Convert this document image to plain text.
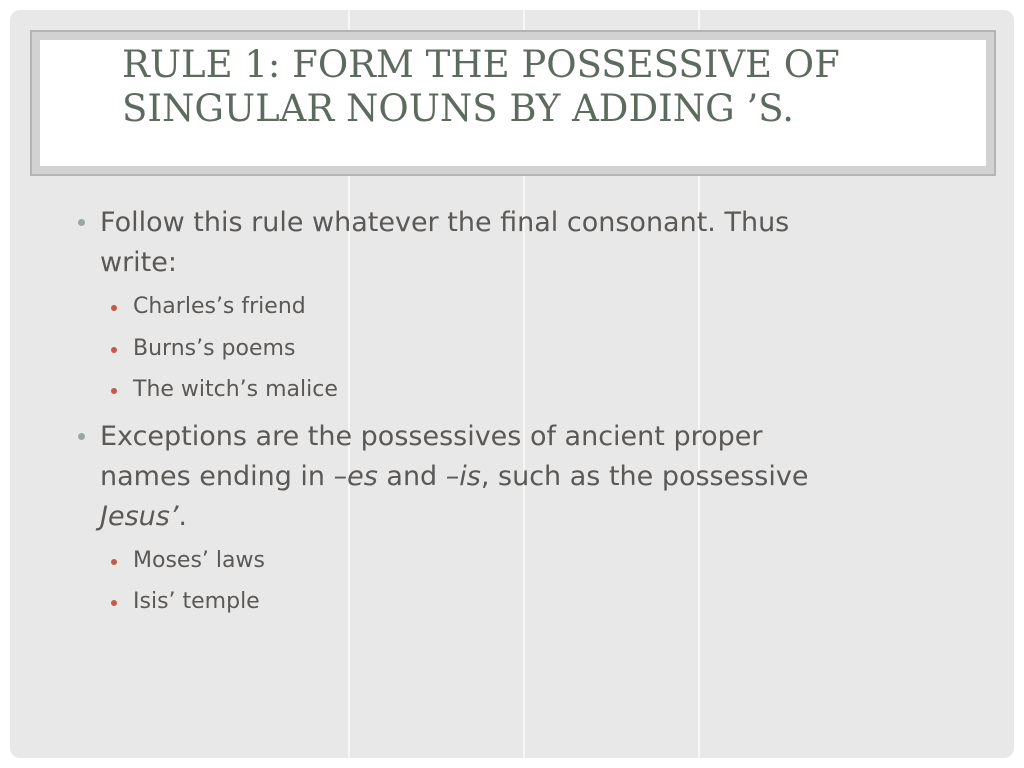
RULE 1: FORM THE POSSESSIVE OF
SINGULAR NOUNS BY ADDING ’S.
Follow this rule whatever the final consonant. Thus
write:
Charles’s friend
Burns’s poems
The witch’s malice
Exceptions are the possessives of ancient proper
names ending in –es and –is, such as the possessive
Jesus’.
Moses’ laws
Isis’ temple
